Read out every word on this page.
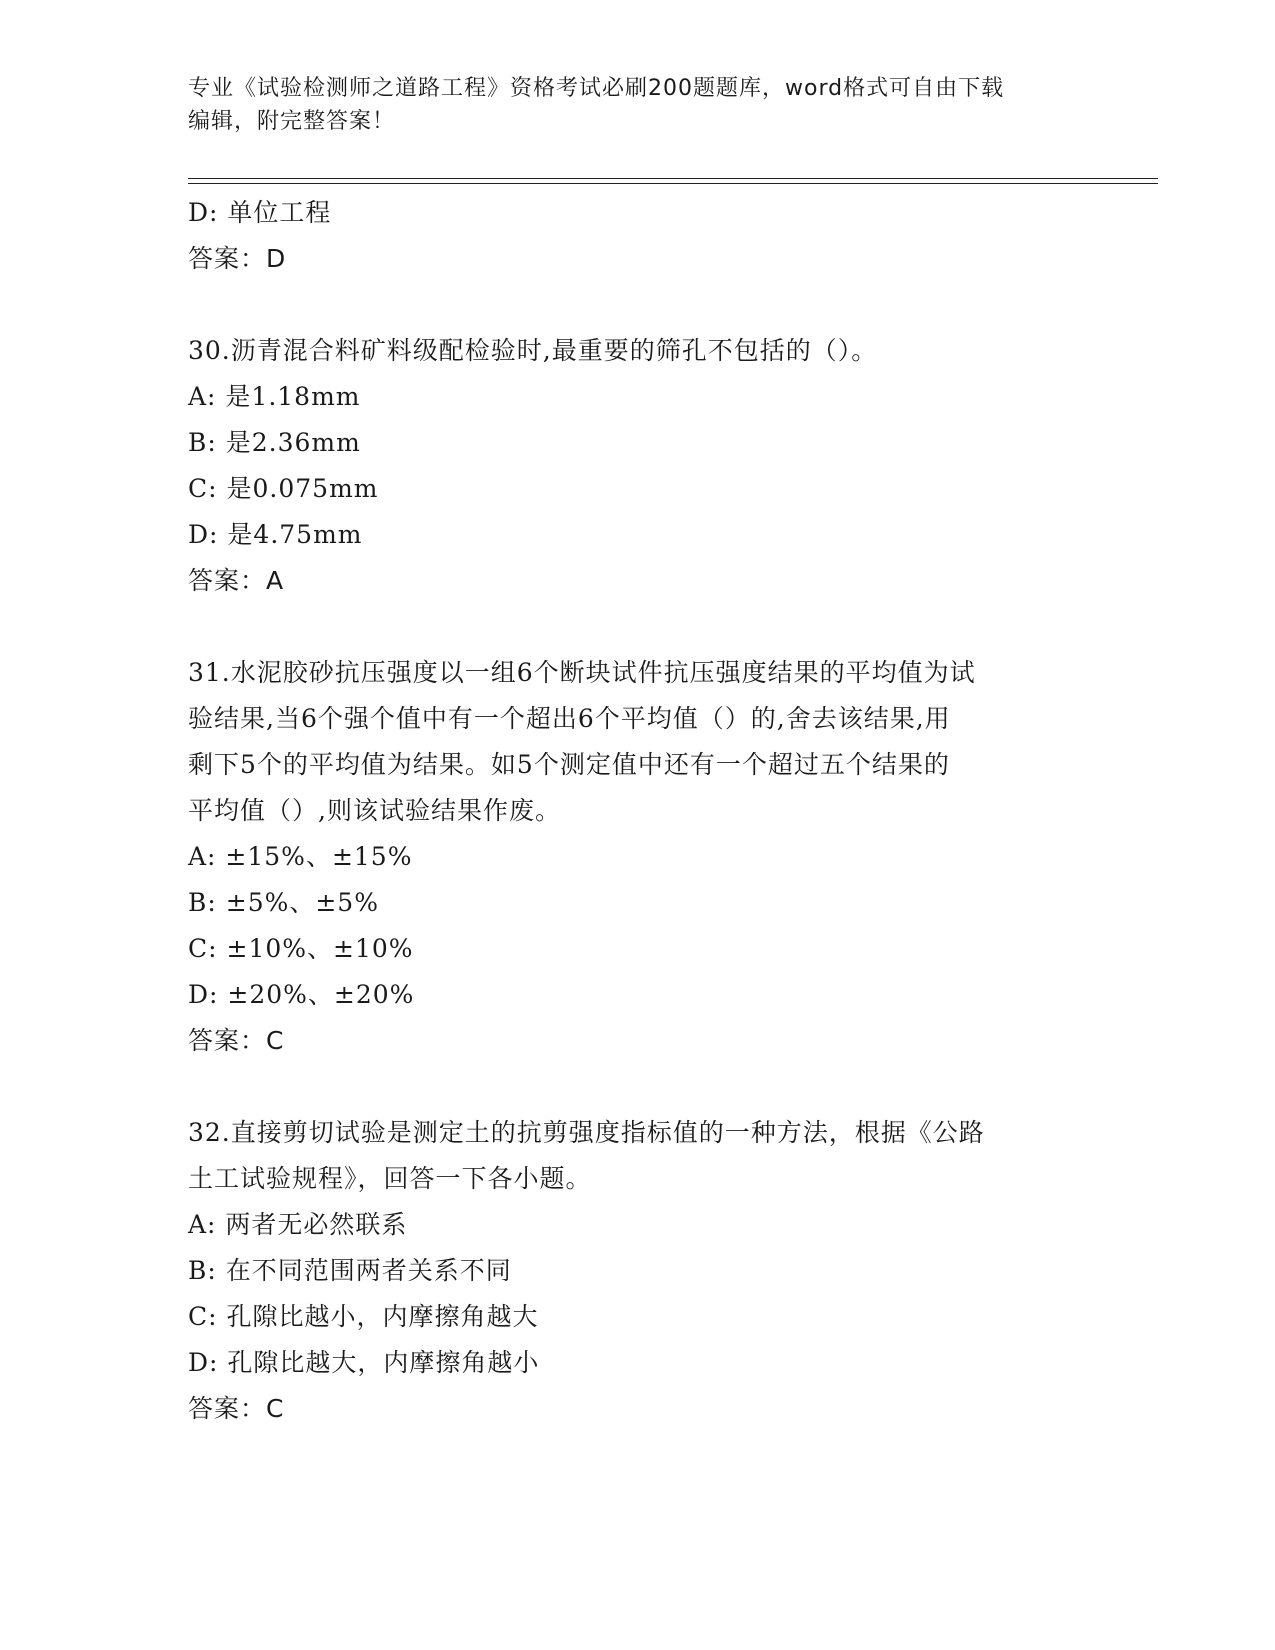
专业《试验检测师之道路工程》资格考试必刷200题题库，word格式可自由下载
编辑，附完整答案！
D: 单位工程
答案：D
30.沥青混合料矿料级配检验时,最重要的筛孔不包括的（）。
A: 是1.18mm
B: 是2.36mm
C: 是0.075mm
D: 是4.75mm
答案：A
31.水泥胶砂抗压强度以一组6个断块试件抗压强度结果的平均值为试
验结果,当6个强个值中有一个超出6个平均值（）的,舍去该结果,用
剩下5个的平均值为结果。如5个测定值中还有一个超过五个结果的
平均值（）,则该试验结果作废。
A: ±15%、±15%
B: ±5%、±5%
C: ±10%、±10%
D: ±20%、±20%
答案：C
32.直接剪切试验是测定土的抗剪强度指标值的一种方法，根据《公路
土工试验规程》，回答一下各小题。
A: 两者无必然联系
B: 在不同范围两者关系不同
C: 孔隙比越小，内摩擦角越大
D: 孔隙比越大，内摩擦角越小
答案：C
